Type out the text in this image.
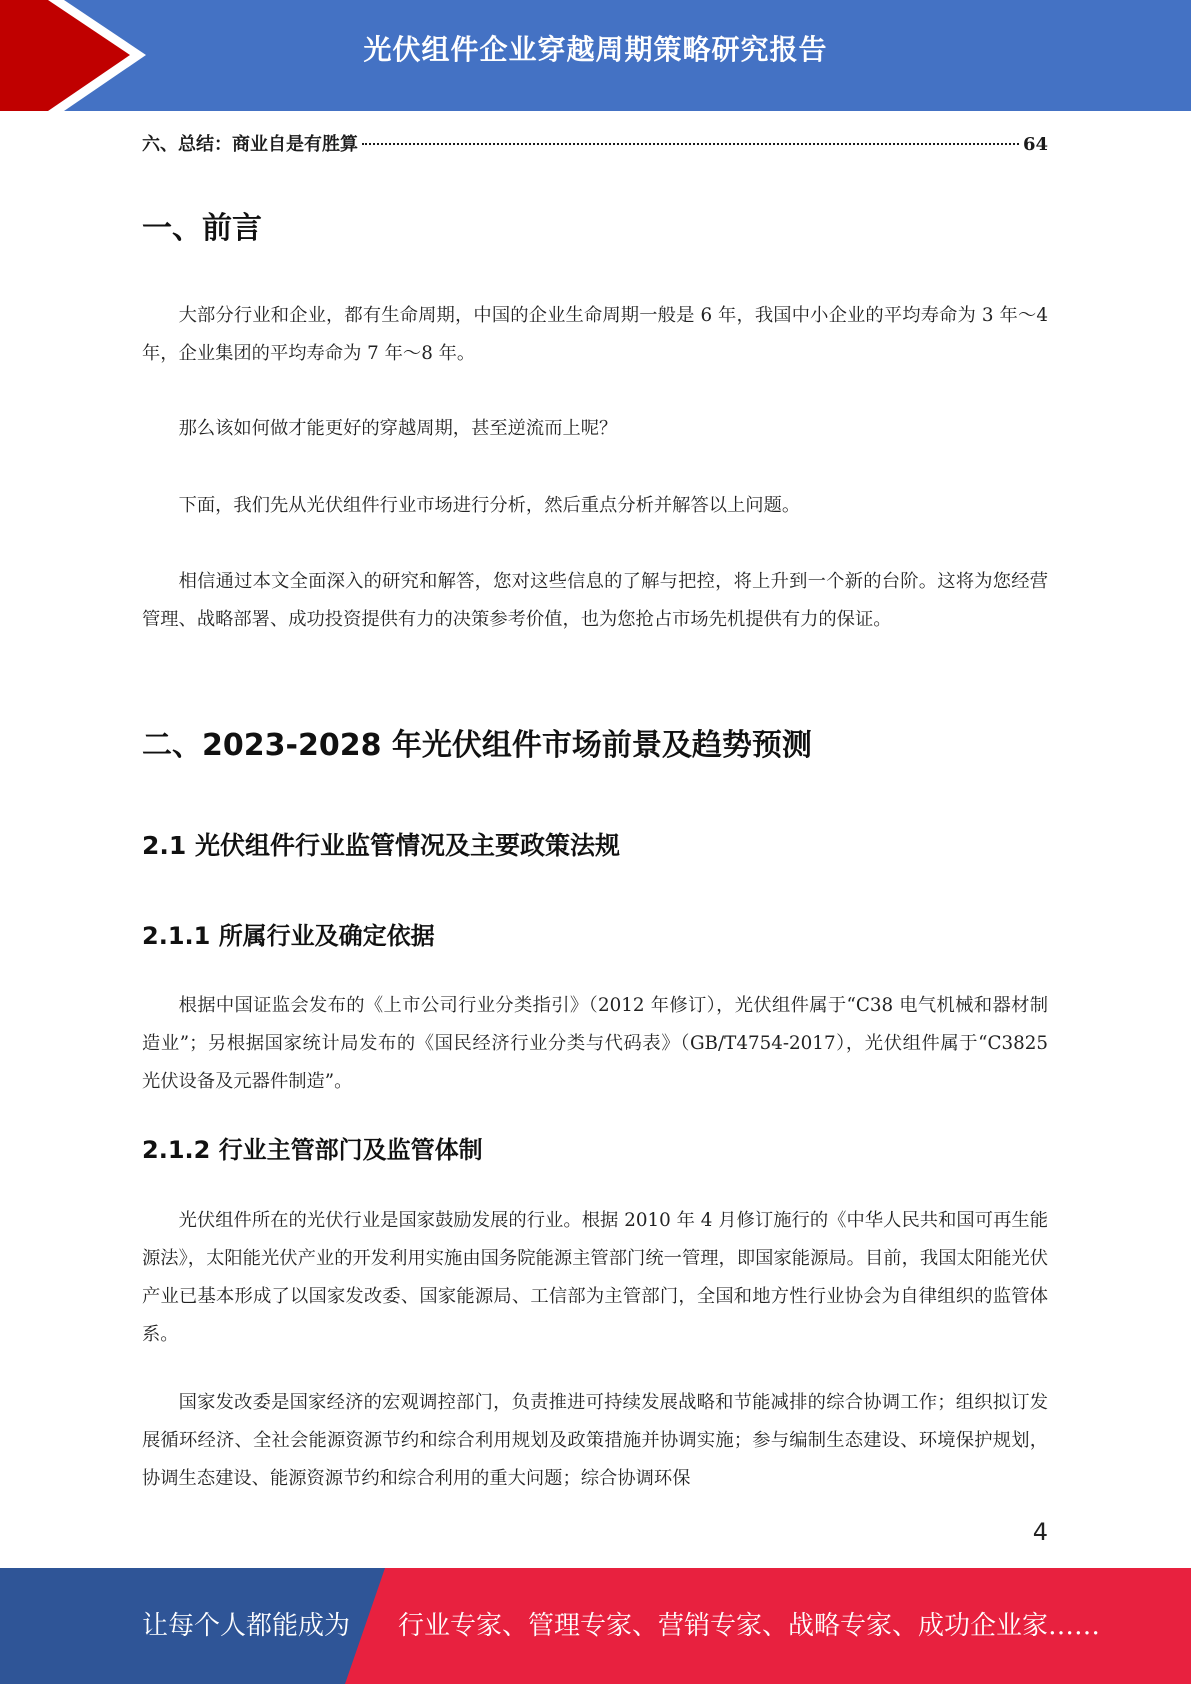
光伏组件企业穿越周期策略研究报告
六、总结：商业自是有胜算	64
一、前言

大部分行业和企业，都有生命周期，中国的企业生命周期一般是 6 年，我国中小企业的平均寿命为 3 年～4 年，企业集团的平均寿命为 7 年～8 年。

那么该如何做才能更好的穿越周期，甚至逆流而上呢？

下面，我们先从光伏组件行业市场进行分析，然后重点分析并解答以上问题。

相信通过本文全面深入的研究和解答，您对这些信息的了解与把控，将上升到一个新的台阶。这将为您经营管理、战略部署、成功投资提供有力的决策参考价值，也为您抢占市场先机提供有力的保证。

二、2023-2028 年光伏组件市场前景及趋势预测
2.1 光伏组件行业监管情况及主要政策法规
2.1.1 所属行业及确定依据

根据中国证监会发布的《上市公司行业分类指引》（2012 年修订），光伏组件属于“C38 电气机械和器材制造业”；另根据国家统计局发布的《国民经济行业分类与代码表》（GB/T4754-2017），光伏组件属于“C3825 光伏设备及元器件制造”。

2.1.2 行业主管部门及监管体制

光伏组件所在的光伏行业是国家鼓励发展的行业。根据 2010 年 4 月修订施行的《中华人民共和国可再生能源法》，太阳能光伏产业的开发利用实施由国务院能源主管部门统一管理，即国家能源局。目前，我国太阳能光伏产业已基本形成了以国家发改委、国家能源局、工信部为主管部门，全国和地方性行业协会为自律组织的监管体系。

国家发改委是国家经济的宏观调控部门，负责推进可持续发展战略和节能减排的综合协调工作；组织拟订发展循环经济、全社会能源资源节约和综合利用规划及政策措施并协调实施；参与编制生态建设、环境保护规划，协调生态建设、能源资源节约和综合利用的重大问题；综合协调环保

4
让每个人都能成为 行业专家、管理专家、营销专家、战略专家、成功企业家……
